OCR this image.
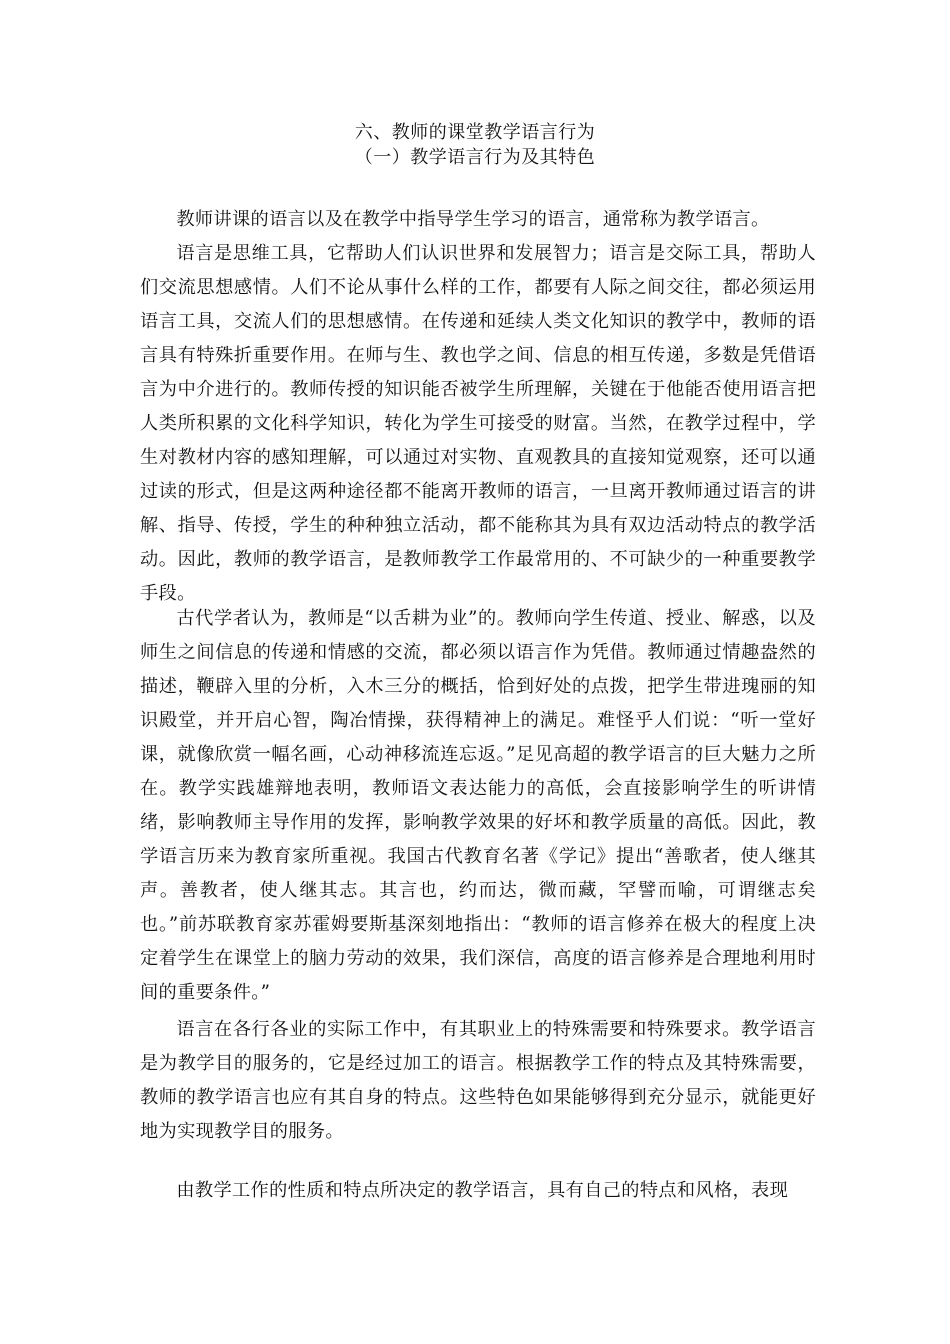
六、教师的课堂教学语言行为
（一）教学语言行为及其特色
教师讲课的语言以及在教学中指导学生学习的语言，通常称为教学语言。
语言是思维工具，它帮助人们认识世界和发展智力；语言是交际工具，帮助人们交流思想感情。人们不论从事什么样的工作，都要有人际之间交往，都必须运用语言工具，交流人们的思想感情。在传递和延续人类文化知识的教学中，教师的语言具有特殊折重要作用。在师与生、教也学之间、信息的相互传递，多数是凭借语言为中介进行的。教师传授的知识能否被学生所理解，关键在于他能否使用语言把人类所积累的文化科学知识，转化为学生可接受的财富。当然，在教学过程中，学生对教材内容的感知理解，可以通过对实物、直观教具的直接知觉观察，还可以通过读的形式，但是这两种途径都不能离开教师的语言，一旦离开教师通过语言的讲解、指导、传授，学生的种种独立活动，都不能称其为具有双边活动特点的教学活动。因此，教师的教学语言，是教师教学工作最常用的、不可缺少的一种重要教学手段。
古代学者认为，教师是“以舌耕为业”的。教师向学生传道、授业、解惑，以及师生之间信息的传递和情感的交流，都必须以语言作为凭借。教师通过情趣盎然的描述，鞭辟入里的分析，入木三分的概括，恰到好处的点拨，把学生带进瑰丽的知识殿堂，并开启心智，陶冶情操，获得精神上的满足。难怪乎人们说：“听一堂好课，就像欣赏一幅名画，心动神移流连忘返。”足见高超的教学语言的巨大魅力之所在。教学实践雄辩地表明，教师语文表达能力的高低，会直接影响学生的听讲情绪，影响教师主导作用的发挥，影响教学效果的好坏和教学质量的高低。因此，教学语言历来为教育家所重视。我国古代教育名著《学记》提出“善歌者，使人继其声。善教者，使人继其志。其言也，约而达，微而藏，罕譬而喻，可谓继志矣也。”前苏联教育家苏霍姆要斯基深刻地指出：“教师的语言修养在极大的程度上决定着学生在课堂上的脑力劳动的效果，我们深信，高度的语言修养是合理地利用时间的重要条件。”
语言在各行各业的实际工作中，有其职业上的特殊需要和特殊要求。教学语言是为教学目的服务的，它是经过加工的语言。根据教学工作的特点及其特殊需要，教师的教学语言也应有其自身的特点。这些特色如果能够得到充分显示，就能更好地为实现教学目的服务。
由教学工作的性质和特点所决定的教学语言，具有自己的特点和风格，表现
